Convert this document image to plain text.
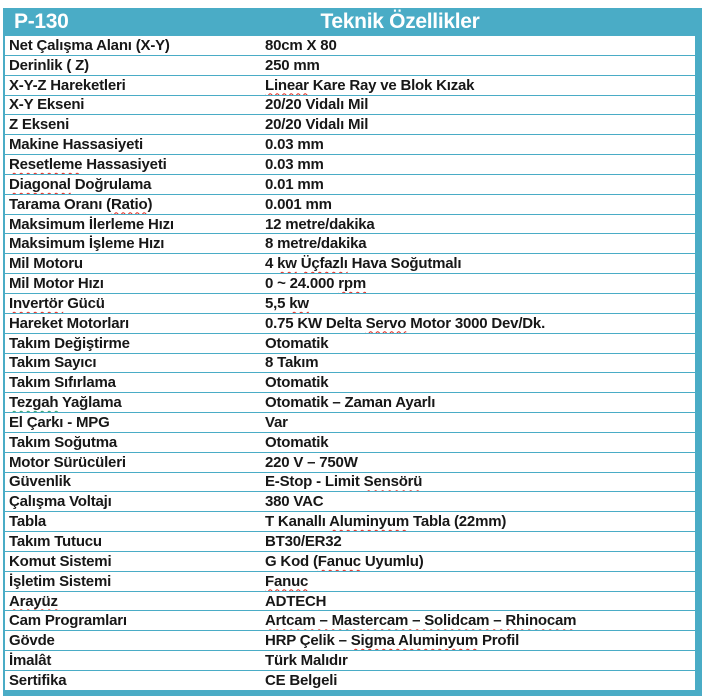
P-130	Teknik Özellikler
Net Çalışma Alanı (X-Y)	80cm X 80
Derinlik ( Z)	250 mm
X-Y-Z Hareketleri	Linear Kare Ray ve Blok Kızak
X-Y Ekseni	20/20 Vidalı Mil
Z Ekseni	20/20 Vidalı Mil
Makine Hassasiyeti	0.03 mm
Resetleme Hassasiyeti	0.03 mm
Diagonal Doğrulama	0.01 mm
Tarama Oranı (Ratio)	0.001 mm
Maksimum İlerleme Hızı	12 metre/dakika
Maksimum İşleme Hızı	8 metre/dakika
Mil Motoru	4 kw Üçfazlı Hava Soğutmalı
Mil Motor Hızı	0 ~ 24.000 rpm
Invertör Gücü	5,5 kw
Hareket Motorları	0.75 KW Delta Servo Motor 3000 Dev/Dk.
Takım Değiştirme	Otomatik
Takım Sayıcı	8 Takım
Takım Sıfırlama	Otomatik
Tezgah Yağlama	Otomatik – Zaman Ayarlı
El Çarkı - MPG	Var
Takım Soğutma	Otomatik
Motor Sürücüleri	220 V – 750W
Güvenlik	E-Stop - Limit Sensörü
Çalışma Voltajı	380 VAC
Tabla	T Kanallı Aluminyum Tabla (22mm)
Takım Tutucu	BT30/ER32
Komut Sistemi	G Kod (Fanuc Uyumlu)
İşletim Sistemi	Fanuc
Arayüz	ADTECH
Cam Programları	Artcam – Mastercam – Solidcam – Rhinocam
Gövde	HRP Çelik – Sigma Aluminyum Profil
İmalât	Türk Malıdır
Sertifika	CE Belgeli
